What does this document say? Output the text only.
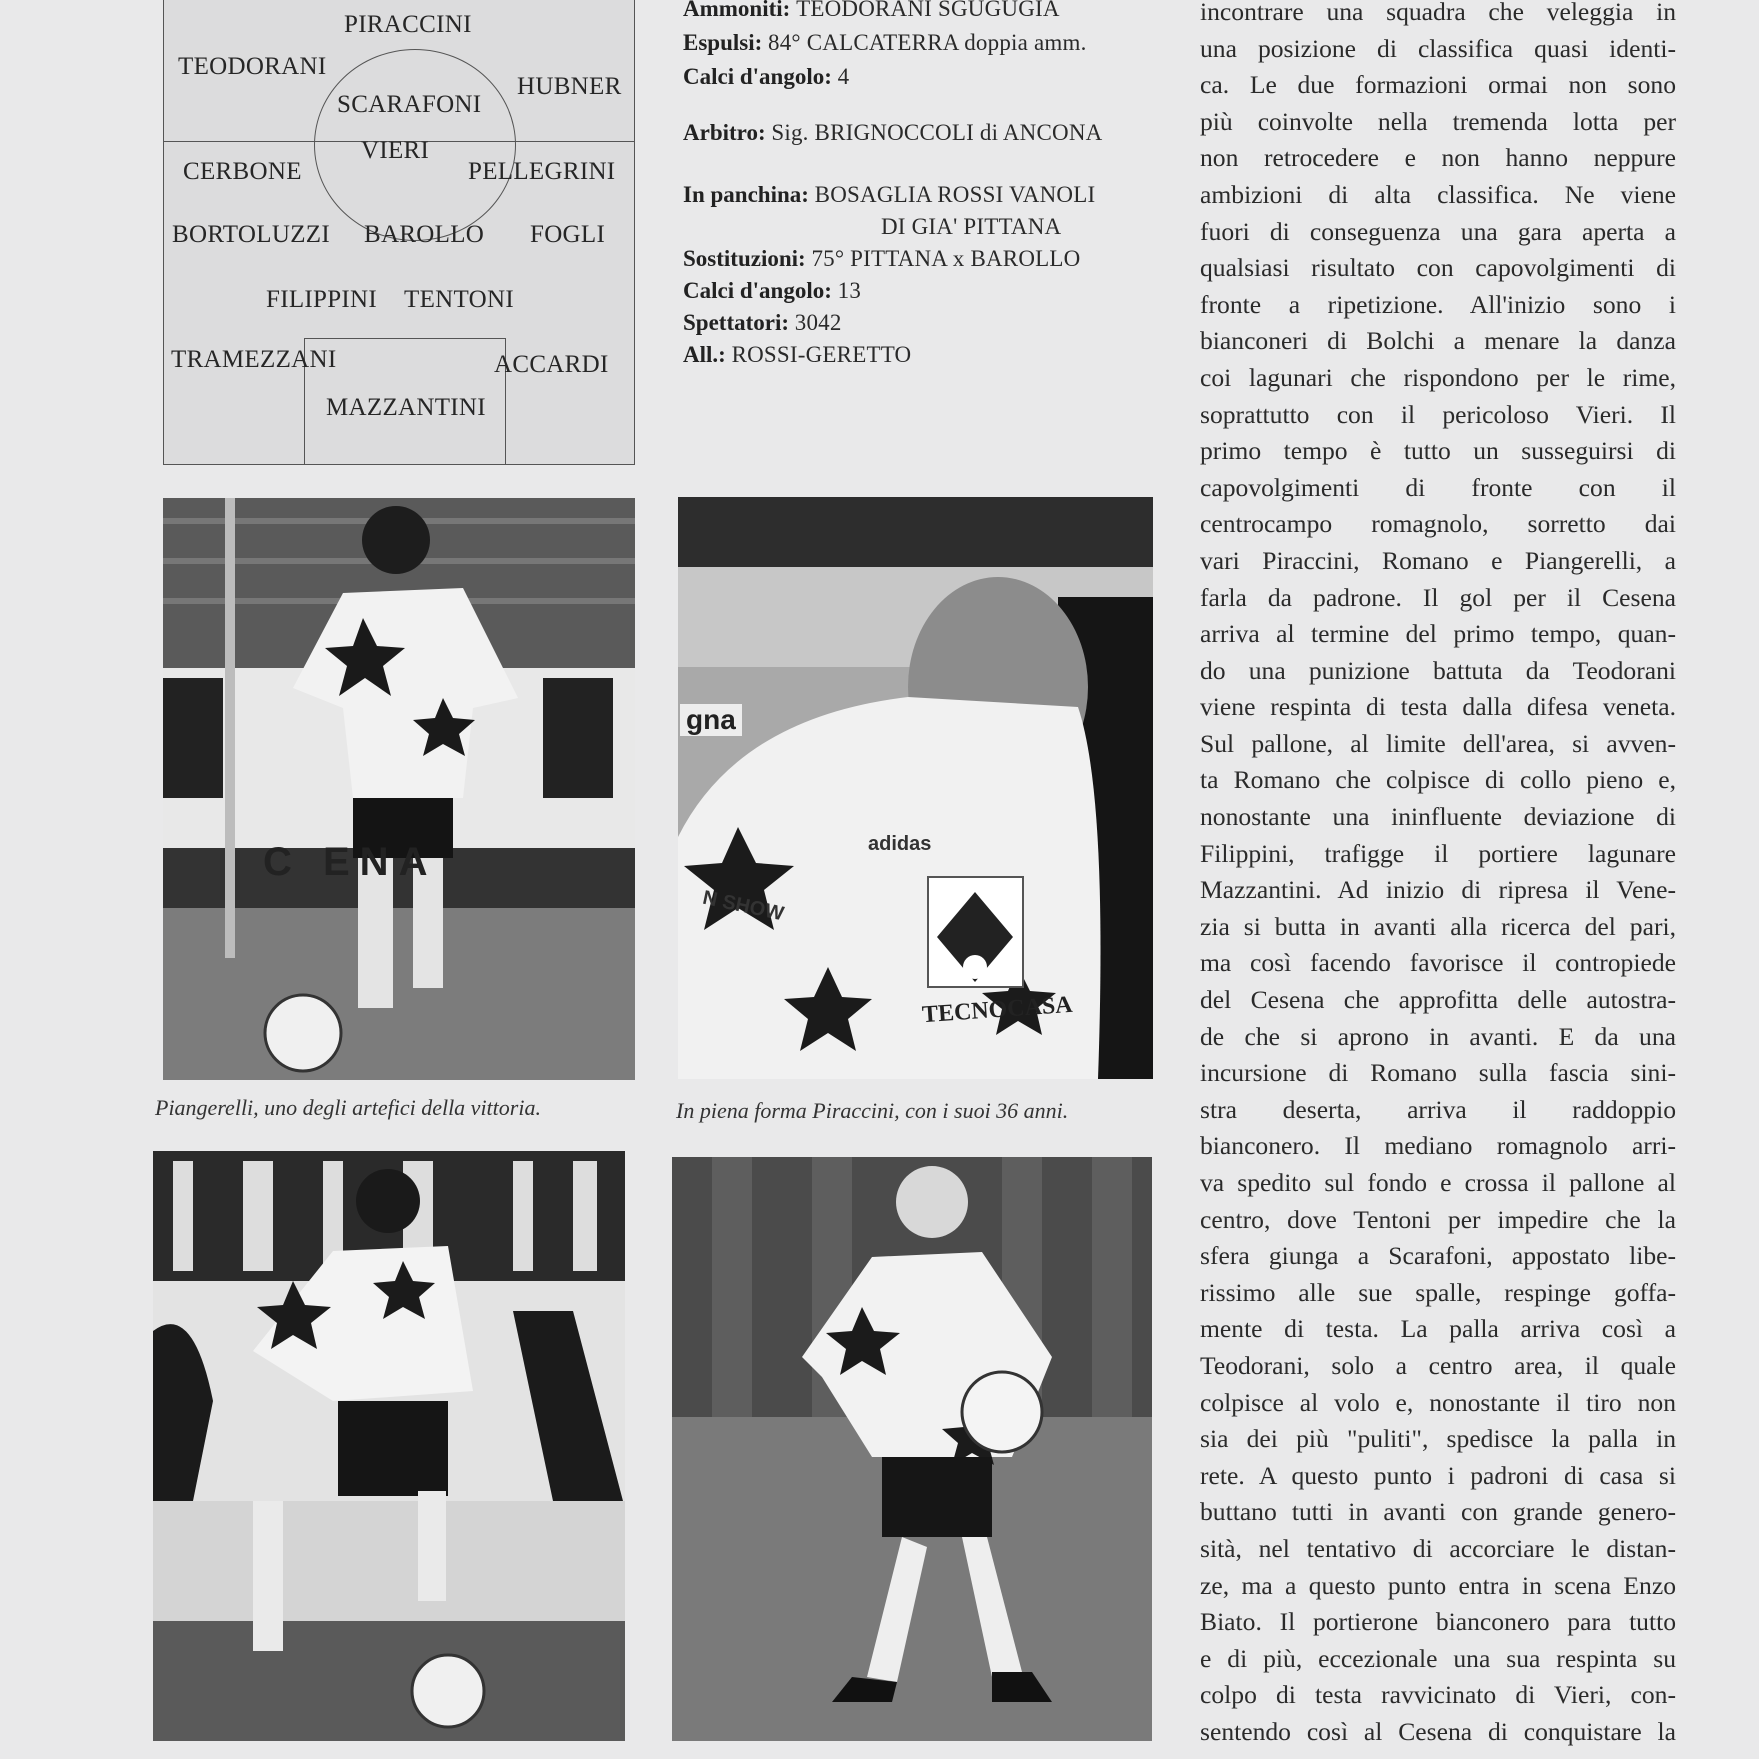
PIRACCINI
TEODORANI
HUBNER
SCARAFONI
VIERI
CERBONE	PELLEGRINI
BORTOLUZZI BAROLLO FOGLI
FILIPPINI TENTONI
TRAMEZZANI	ACCARDI
MAZZANTINI
Ammoniti: TEODORANI SGUGUGIA
Espulsi: 84° CALCATERRA doppia amm.
Calci d'angolo: 4
Arbitro: Sig. BRIGNOCCOLI di ANCONA
In panchina: BOSAGLIA ROSSI VANOLI
DI GIA' PITTANA
Sostituzioni: 75° PITTANA x BAROLLO
Calci d'angolo: 13
Spettatori: 3042
All.: ROSSI-GERETTO
incontrare una squadra che veleggia in
una posizione di classifica quasi identi-
ca. Le due formazioni ormai non sono
più coinvolte nella tremenda lotta per
non retrocedere e non hanno neppure
ambizioni di alta classifica. Ne viene
fuori di conseguenza una gara aperta a
qualsiasi risultato con capovolgimenti di
fronte a ripetizione. All'inizio sono i
bianconeri di Bolchi a menare la danza
coi lagunari che rispondono per le rime,
soprattutto con il pericoloso Vieri. Il
primo tempo è tutto un susseguirsi di
capovolgimenti di fronte con il
centrocampo romagnolo, sorretto dai
vari Piraccini, Romano e Piangerelli, a
farla da padrone. Il gol per il Cesena
arriva al termine del primo tempo, quan-
do una punizione battuta da Teodorani
viene respinta di testa dalla difesa veneta.
Sul pallone, al limite dell'area, si avven-
ta Romano che colpisce di collo pieno e,
nonostante una ininfluente deviazione di
Filippini, trafigge il portiere lagunare
Mazzantini. Ad inizio di ripresa il Vene-
zia si butta in avanti alla ricerca del pari,
ma così facendo favorisce il contropiede
del Cesena che approfitta delle autostra-
de che si aprono in avanti. E da una
incursione di Romano sulla fascia sini-
stra deserta, arriva il raddoppio
bianconero. Il mediano romagnolo arri-
va spedito sul fondo e crossa il pallone al
centro, dove Tentoni per impedire che la
sfera giunga a Scarafoni, appostato libe-
rissimo alle sue spalle, respinge goffa-
mente di testa. La palla arriva così a
Teodorani, solo a centro area, il quale
colpisce al volo e, nonostante il tiro non
sia dei più "puliti", spedisce la palla in
rete. A questo punto i padroni di casa si
buttano tutti in avanti con grande genero-
sità, nel tentativo di accorciare le distan-
ze, ma a questo punto entra in scena Enzo
Biato. Il portierone bianconero para tutto
e di più, eccezionale una sua respinta su
colpo di testa ravvicinato di Vieri, con-
sentendo così al Cesena di conquistare la
C ENA
Piangerelli, uno degli artefici della vittoria.
gna
adidas
N SHOW
TECNOCASA
In piena forma Piraccini, con i suoi 36 anni.
